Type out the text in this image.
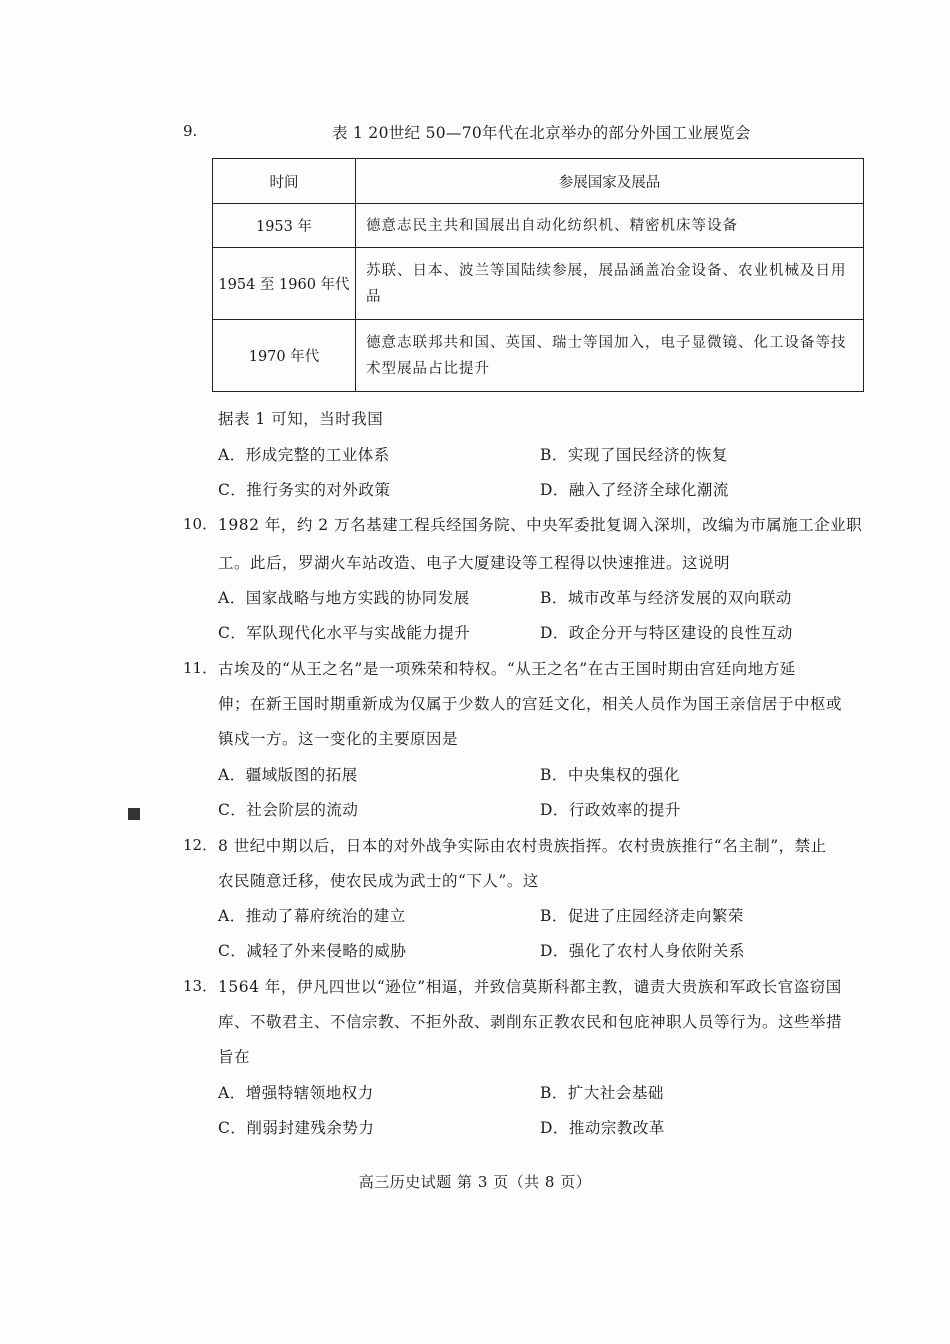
9.	表 1 20世纪 50—70年代在北京举办的部分外国工业展览会
时间	参展国家及展品
1953 年	德意志民主共和国展出自动化纺织机、精密机床等设备
1954 至 1960 年代	苏联、日本、波兰等国陆续参展，展品涵盖冶金设备、农业机械及日用品
1970 年代	德意志联邦共和国、英国、瑞士等国加入，电子显微镜、化工设备等技术型展品占比提升
据表 1 可知，当时我国
A．形成完整的工业体系	B．实现了国民经济的恢复
C．推行务实的对外政策	D．融入了经济全球化潮流
10． 1982 年，约 2 万名基建工程兵经国务院、中央军委批复调入深圳，改编为市属施工企业职
工。此后，罗湖火车站改造、电子大厦建设等工程得以快速推进。这说明
A．国家战略与地方实践的协同发展	B．城市改革与经济发展的双向联动
C．军队现代化水平与实战能力提升	D．政企分开与特区建设的良性互动
11． 古埃及的“从王之名”是一项殊荣和特权。“从王之名”在古王国时期由宫廷向地方延
伸；在新王国时期重新成为仅属于少数人的宫廷文化，相关人员作为国王亲信居于中枢或
镇戍一方。这一变化的主要原因是
A．疆域版图的拓展	B．中央集权的强化
C．社会阶层的流动	D．行政效率的提升
12． 8 世纪中期以后，日本的对外战争实际由农村贵族指挥。农村贵族推行“名主制”，禁止
农民随意迁移，使农民成为武士的“下人”。这
A．推动了幕府统治的建立	B．促进了庄园经济走向繁荣
C．减轻了外来侵略的威胁	D．强化了农村人身依附关系
13． 1564 年，伊凡四世以“逊位”相逼，并致信莫斯科都主教，谴责大贵族和军政长官盗窃国
库、不敬君主、不信宗教、不拒外敌、剥削东正教农民和包庇神职人员等行为。这些举措
旨在
A．增强特辖领地权力	B．扩大社会基础
C．削弱封建残余势力	D．推动宗教改革
高三历史试题 第 3 页（共 8 页）
